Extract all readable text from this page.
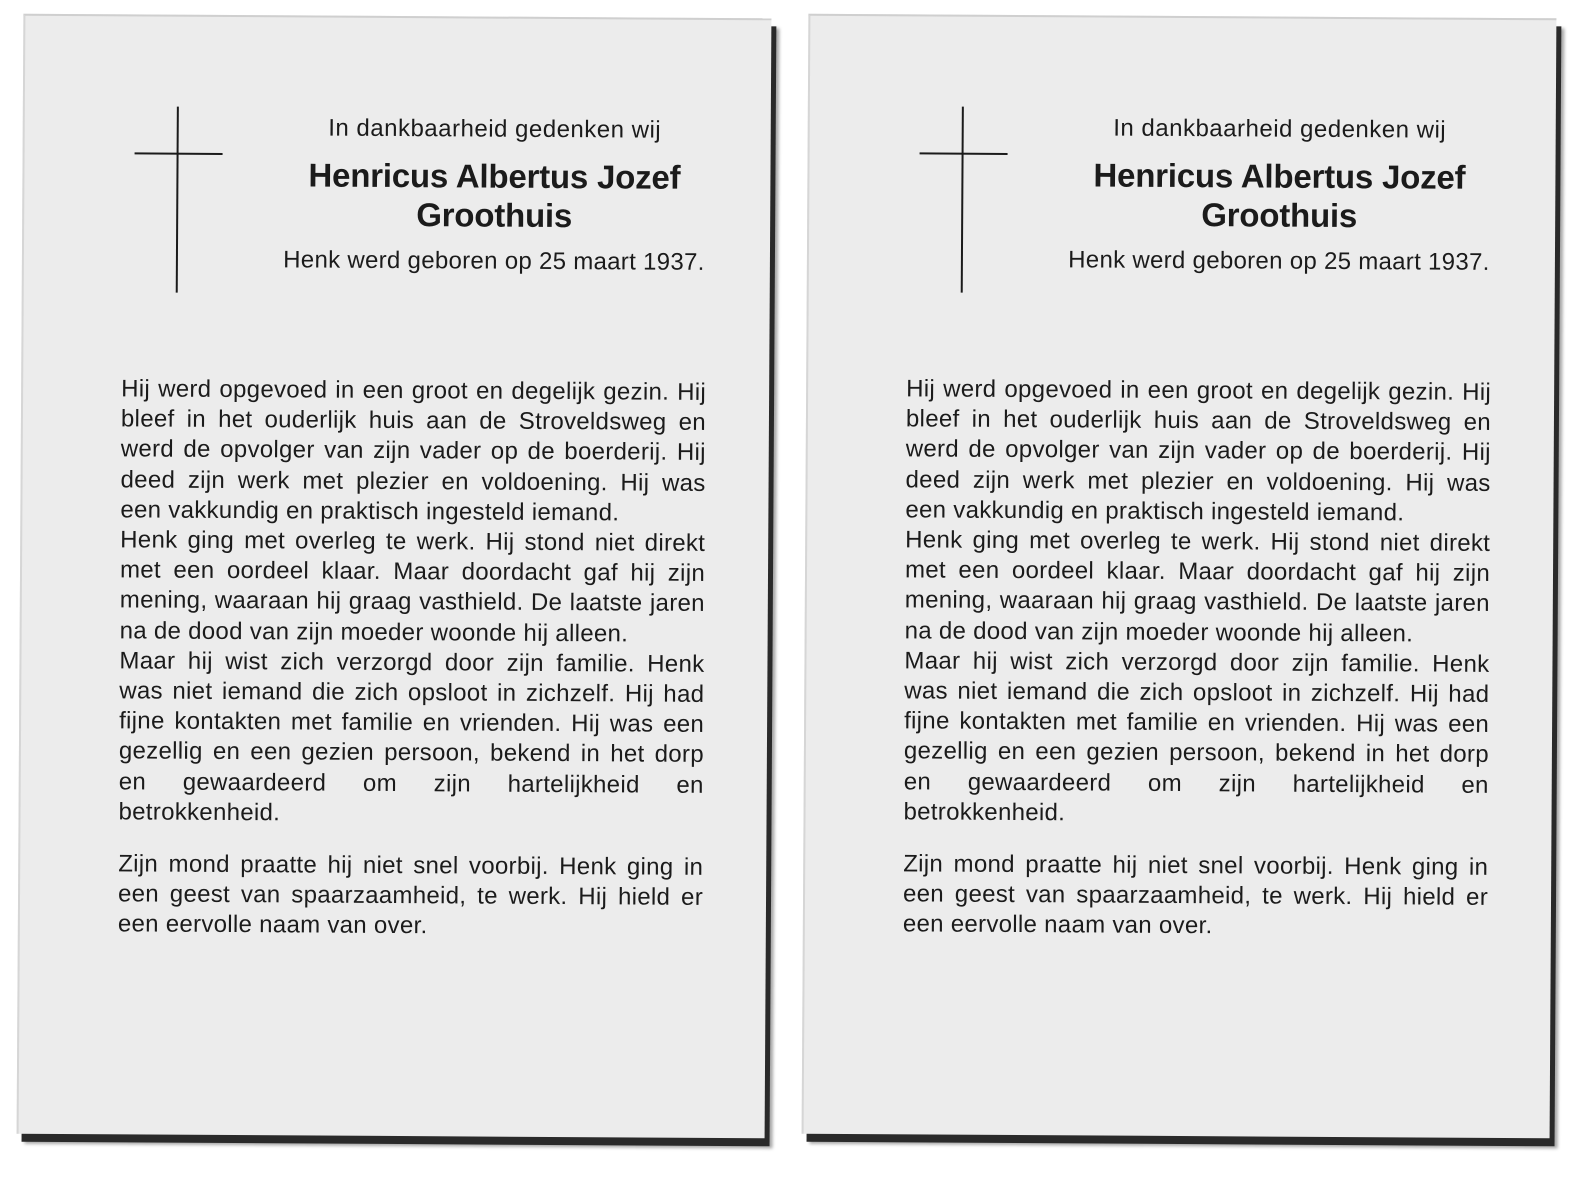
In dankbaarheid gedenken wij
Henricus Albertus Jozef
Groothuis
Henk werd geboren op 25 maart 1937.

Hij werd opgevoed in een groot en degelijk gezin. Hij bleef in het ouderlijk huis aan de Stroveldsweg en werd de opvolger van zijn vader op de boerderij. Hij deed zijn werk met plezier en voldoening. Hij was een vakkundig en praktisch ingesteld iemand.

Henk ging met overleg te werk. Hij stond niet direkt met een oordeel klaar. Maar doordacht gaf hij zijn mening, waaraan hij graag vasthield. De laatste jaren na de dood van zijn moeder woonde hij alleen.

Maar hij wist zich verzorgd door zijn familie. Henk was niet iemand die zich opsloot in zichzelf. Hij had fijne kontakten met familie en vrienden. Hij was een gezellig en een gezien persoon, bekend in het dorp en gewaardeerd om zijn hartelijkheid en betrokkenheid.

Zijn mond praatte hij niet snel voorbij. Henk ging in een geest van spaarzaamheid, te werk. Hij hield er een eervolle naam van over.

In dankbaarheid gedenken wij
Henricus Albertus Jozef
Groothuis
Henk werd geboren op 25 maart 1937.

Hij werd opgevoed in een groot en degelijk gezin. Hij bleef in het ouderlijk huis aan de Stroveldsweg en werd de opvolger van zijn vader op de boerderij. Hij deed zijn werk met plezier en voldoening. Hij was een vakkundig en praktisch ingesteld iemand.

Henk ging met overleg te werk. Hij stond niet direkt met een oordeel klaar. Maar doordacht gaf hij zijn mening, waaraan hij graag vasthield. De laatste jaren na de dood van zijn moeder woonde hij alleen.

Maar hij wist zich verzorgd door zijn familie. Henk was niet iemand die zich opsloot in zichzelf. Hij had fijne kontakten met familie en vrienden. Hij was een gezellig en een gezien persoon, bekend in het dorp en gewaardeerd om zijn hartelijkheid en betrokkenheid.

Zijn mond praatte hij niet snel voorbij. Henk ging in een geest van spaarzaamheid, te werk. Hij hield er een eervolle naam van over.
